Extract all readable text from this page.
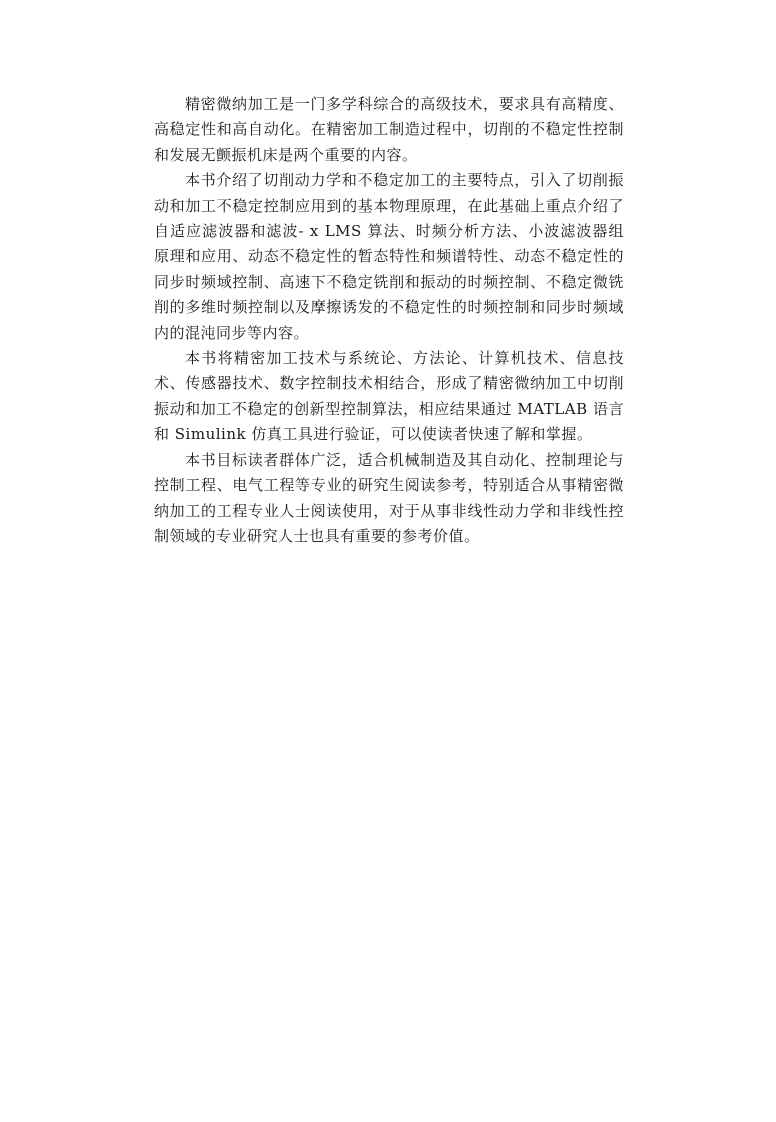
精密微纳加工是一门多学科综合的高级技术，要求具有高精度、高稳定性和高自动化。在精密加工制造过程中，切削的不稳定性控制和发展无颤振机床是两个重要的内容。

本书介绍了切削动力学和不稳定加工的主要特点，引入了切削振动和加工不稳定控制应用到的基本物理原理，在此基础上重点介绍了自适应滤波器和滤波- x LMS 算法、时频分析方法、小波滤波器组原理和应用、动态不稳定性的暂态特性和频谱特性、动态不稳定性的同步时频域控制、高速下不稳定铣削和振动的时频控制、不稳定微铣削的多维时频控制以及摩擦诱发的不稳定性的时频控制和同步时频域内的混沌同步等内容。

本书将精密加工技术与系统论、方法论、计算机技术、信息技术、传感器技术、数字控制技术相结合，形成了精密微纳加工中切削振动和加工不稳定的创新型控制算法，相应结果通过 MATLAB 语言和 Simulink 仿真工具进行验证，可以使读者快速了解和掌握。

本书目标读者群体广泛，适合机械制造及其自动化、控制理论与控制工程、电气工程等专业的研究生阅读参考，特别适合从事精密微纳加工的工程专业人士阅读使用，对于从事非线性动力学和非线性控制领域的专业研究人士也具有重要的参考价值。
